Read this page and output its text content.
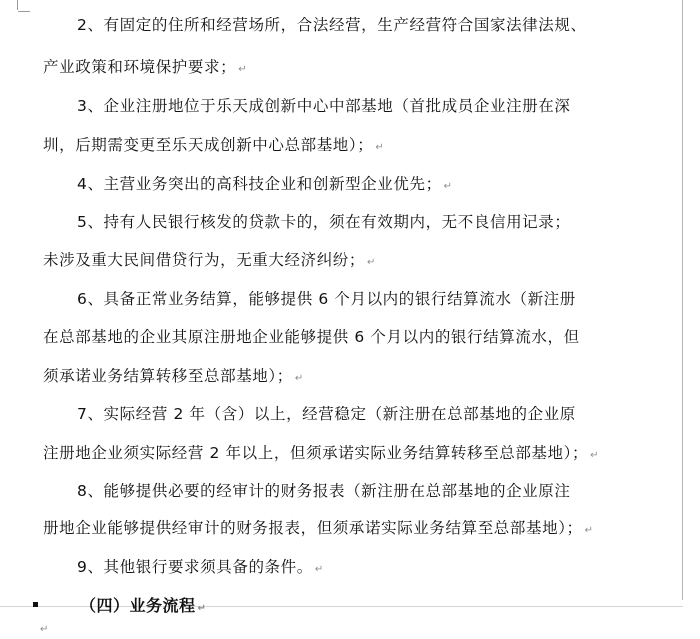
2、有固定的住所和经营场所，合法经营，生产经营符合国家法律法规、
产业政策和环境保护要求； ↵
3、企业注册地位于乐天成创新中心中部基地（首批成员企业注册在深
圳，后期需变更至乐天成创新中心总部基地）； ↵
4、主营业务突出的高科技企业和创新型企业优先； ↵
5、持有人民银行核发的贷款卡的，须在有效期内，无不良信用记录；
未涉及重大民间借贷行为，无重大经济纠纷； ↵
6、具备正常业务结算，能够提供 6 个月以内的银行结算流水（新注册
在总部基地的企业其原注册地企业能够提供 6 个月以内的银行结算流水，但
须承诺业务结算转移至总部基地）； ↵
7、实际经营 2 年（含）以上，经营稳定（新注册在总部基地的企业原
注册地企业须实际经营 2 年以上，但须承诺实际业务结算转移至总部基地）； ↵
8、能够提供必要的经审计的财务报表（新注册在总部基地的企业原注
册地企业能够提供经审计的财务报表，但须承诺实际业务结算至总部基地）； ↵
9、其他银行要求须具备的条件。 ↵
（四）业务流程 ↵
↵
